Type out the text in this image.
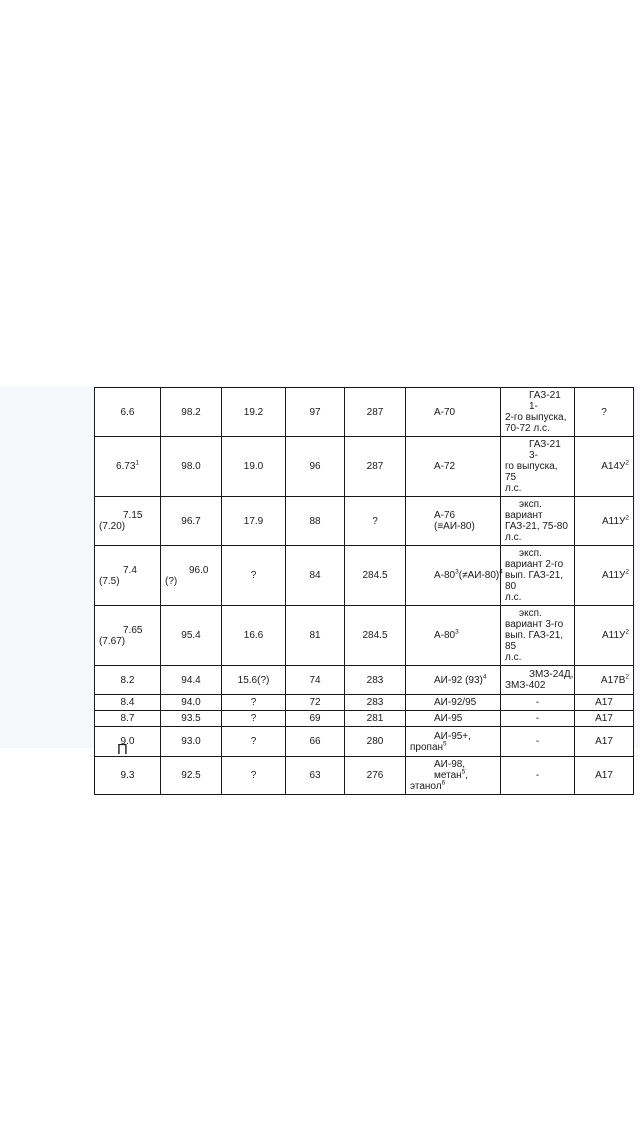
6.6	98.2	19.2	97	287	А-70	ГАЗ-21 1-
2-го выпуска,
70-72 л.с.	?
6.73$^1$	98.0	19.0	96	287	А-72	ГАЗ-21 3-
го выпуска, 75
л.с.	$А14У^2$

7.15
(7.20)	96.7	17.9	88	?	А-76 (≡АИ-80)	эксп.
вариант
ГАЗ-21, 75-80
л.с.	$А11У^2$

7.4
(7.5)	96.0
(?)	?	84	284.5	$А-80^3(\ne АИ-80)^4$	эксп.
вариант 2-го
вып. ГАЗ-21, 80
л.с.	$А11У^2$

7.65
(7.67)	95.4	16.6	81	284.5	$А-80^3$	эксп.
вариант 3-го
вып. ГАЗ-21, 85
л.с.	$А11У^2$
8.2	94.4	15.6(?)	74	283	АИ-92 $(93)^4$	ЗМЗ-24Д,
ЗМЗ-402	$А17В^2$
8.4	94.0	?	72	283	АИ-92/95	-	А17
8.7	93.5	?	69	281	АИ-95	-	А17
9.0	93.0	?	66	280	АИ-95+,
пропан$^5$	-	А17
9.3	92.5	?	63	276	АИ-98, метан$^5$,
этанол$^6$	-	А17
